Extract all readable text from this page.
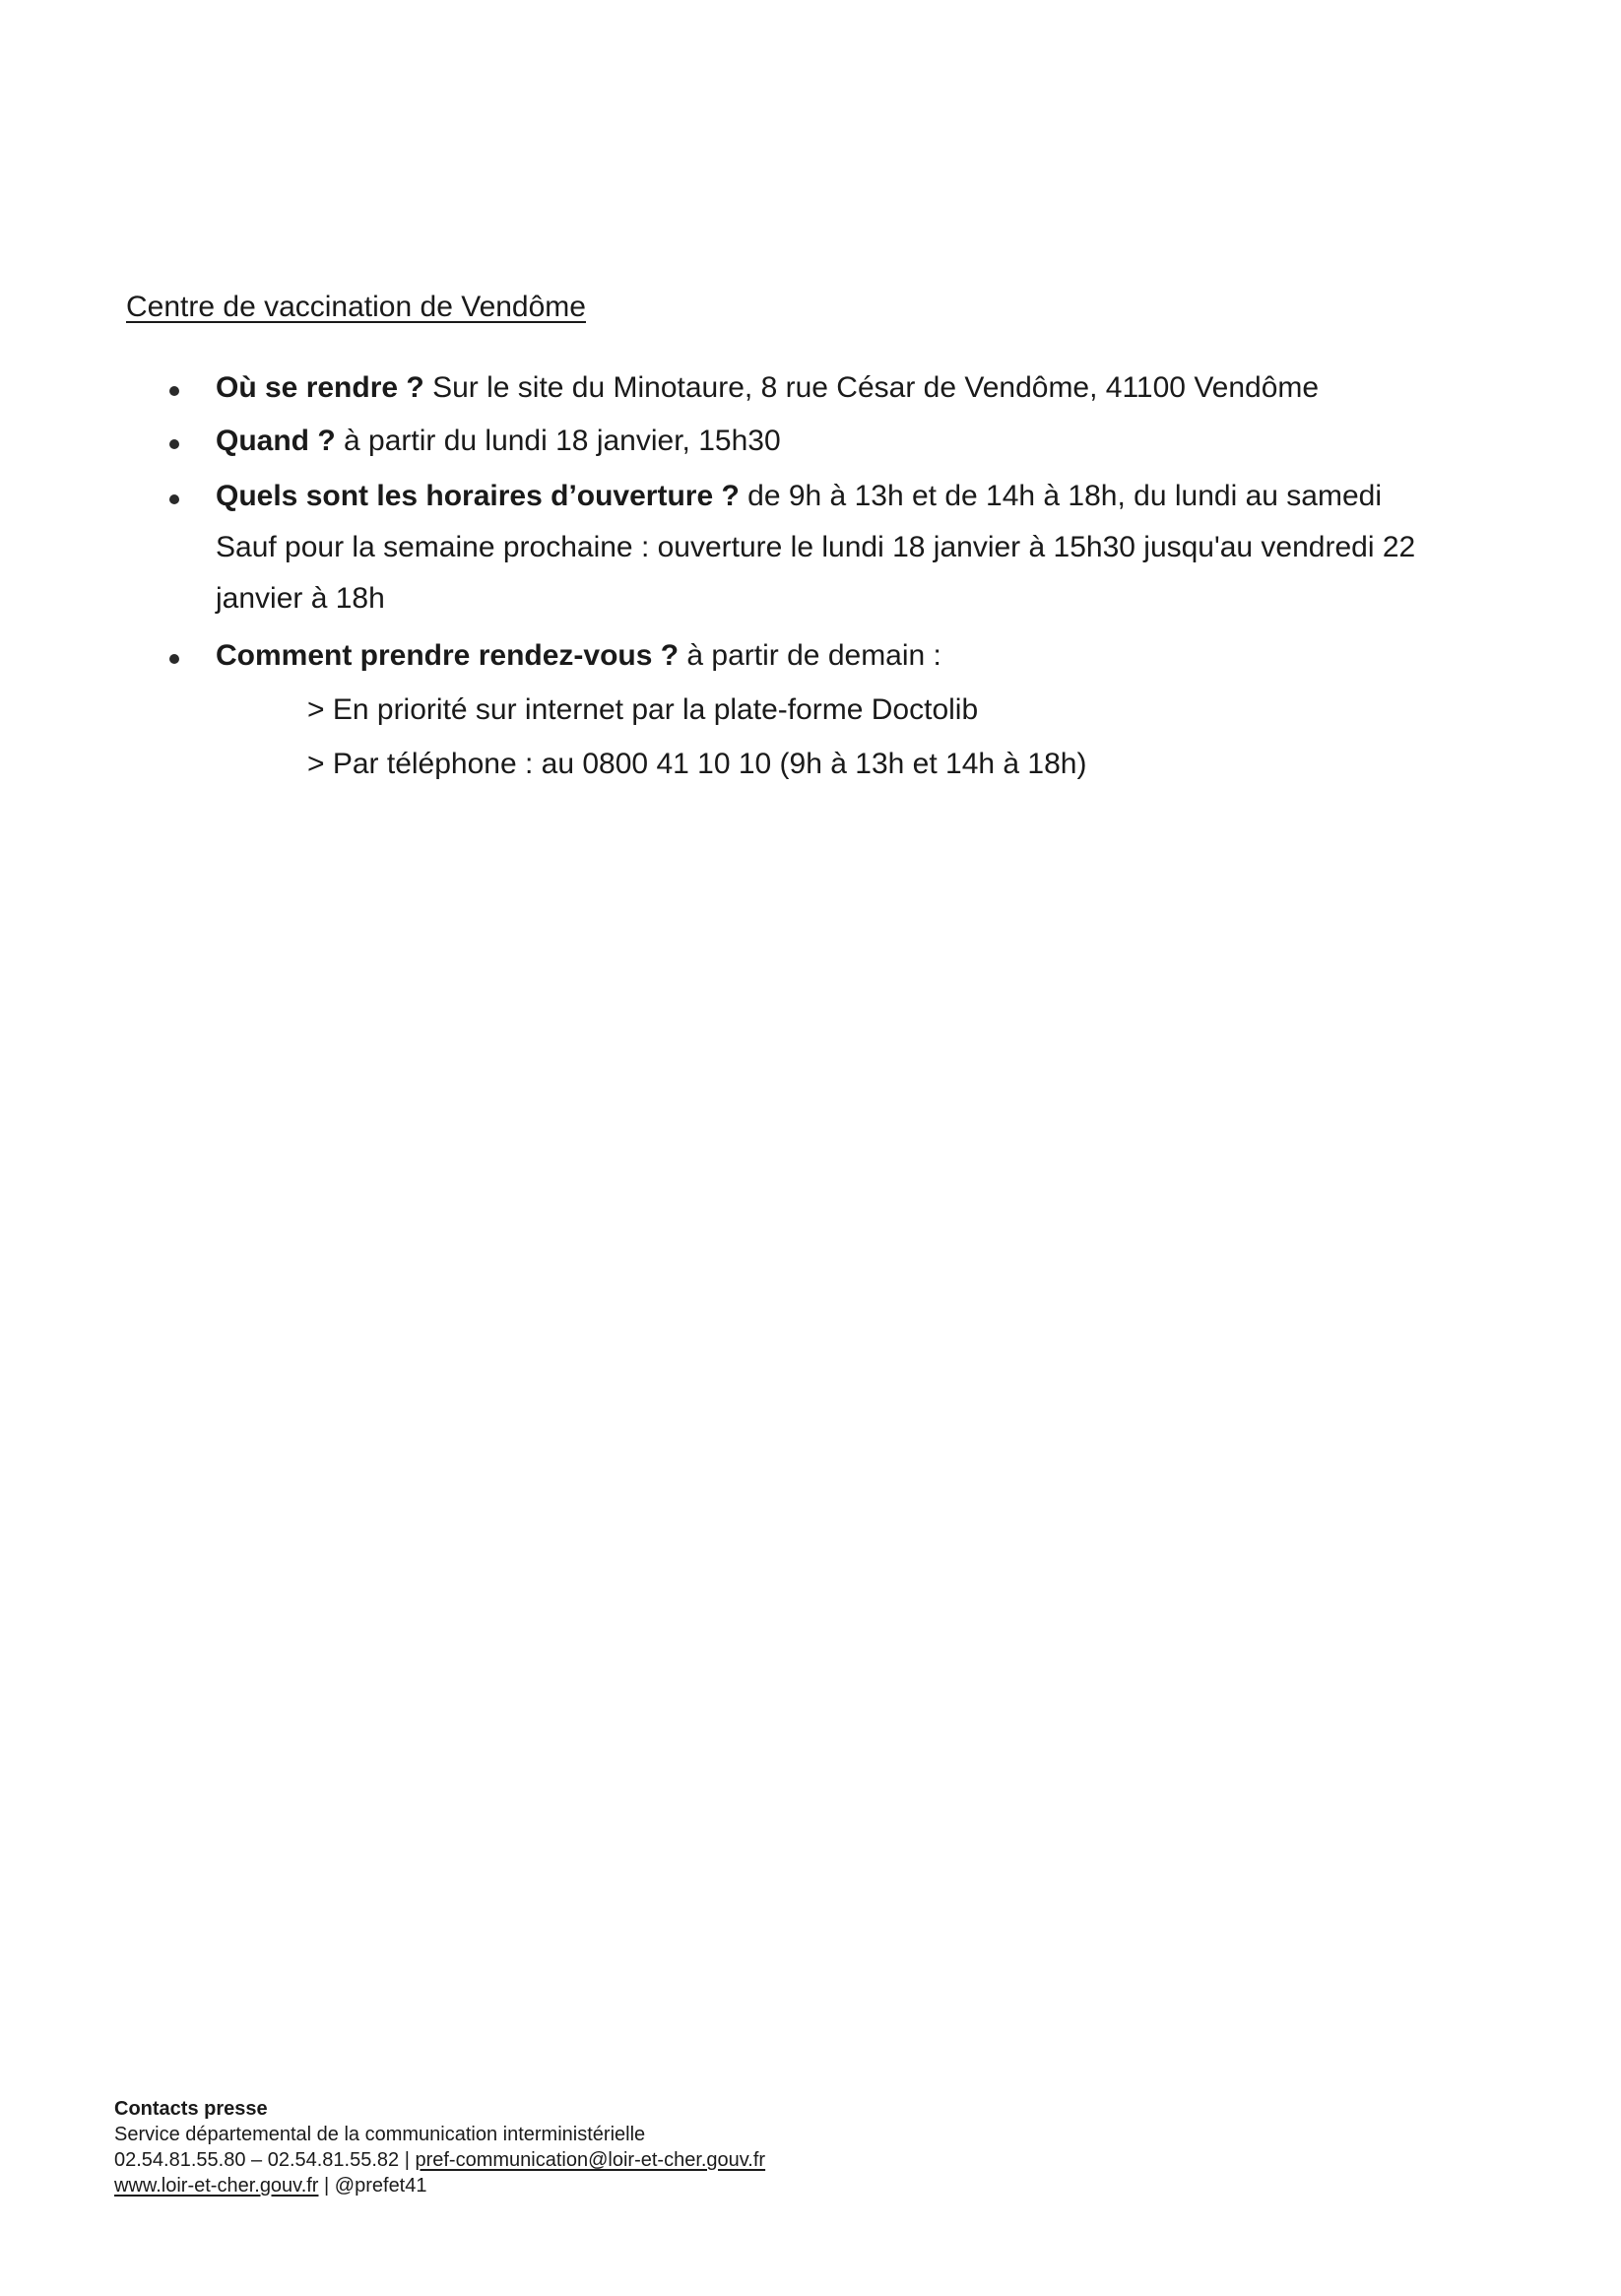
Centre de vaccination de Vendôme
Où se rendre ? Sur le site du Minotaure, 8 rue César de Vendôme, 41100 Vendôme
Quand ? à partir du lundi 18 janvier, 15h30
Quels sont les horaires d’ouverture ? de 9h à 13h et de 14h à 18h, du lundi au samedi
Sauf pour la semaine prochaine : ouverture le lundi 18 janvier à 15h30 jusqu'au vendredi 22
janvier à 18h
Comment prendre rendez-vous ? à partir de demain :
> En priorité sur internet par la plate-forme Doctolib
> Par téléphone : au 0800 41 10 10 (9h à 13h et 14h à 18h)
Contacts presse
Service départemental de la communication interministérielle
02.54.81.55.80 – 02.54.81.55.82 | pref-communication@loir-et-cher.gouv.fr
www.loir-et-cher.gouv.fr | @prefet41
